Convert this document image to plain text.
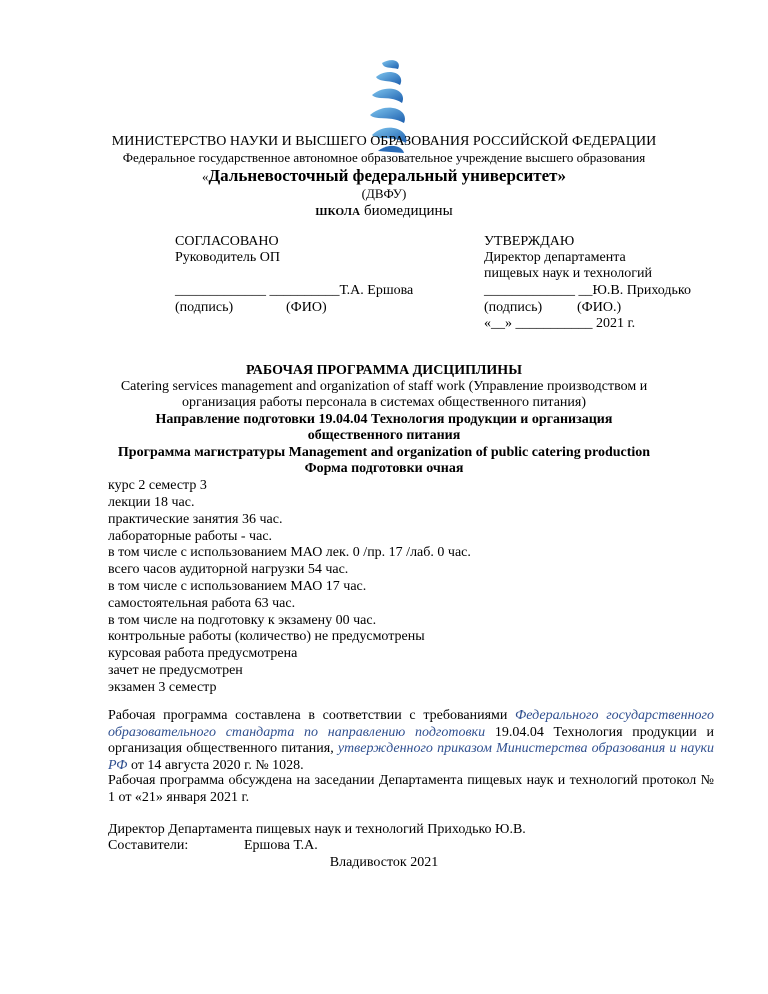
МИНИСТЕРСТВО НАУКИ И ВЫСШЕГО ОБРАЗОВАНИЯ РОССИЙСКОЙ ФЕДЕРАЦИИ
Федеральное государственное автономное образовательное учреждение высшего образования
«Дальневосточный федеральный университет»
(ДВФУ)
ШКОЛА биомедицины
СОГЛАСОВАНО
Руководитель ОП
_____________ __________Т.А. Ершова
(подпись)	(ФИО)
УТВЕРЖДАЮ
Директор департамента
пищевых наук и технологий
_____________ __Ю.В. Приходько
(подпись) (ФИО.)
«__» ___________ 2021 г.
РАБОЧАЯ ПРОГРАММА ДИСЦИПЛИНЫ
Catering services management and organization of staff work (Управление производством и
организация работы персонала в системах общественного питания)
Направление подготовки 19.04.04 Технология продукции и организация
общественного питания
Программа магистратуры Management and organization of public catering production
Форма подготовки очная
курс 2 семестр 3
лекции 18 час.
практические занятия 36 час.
лабораторные работы - час.
в том числе с использованием МАО лек. 0 /пр. 17 /лаб. 0 час.
всего часов аудиторной нагрузки 54 час.
в том числе с использованием МАО 17 час.
самостоятельная работа 63 час.
в том числе на подготовку к экзамену 00 час.
контрольные работы (количество) не предусмотрены
курсовая работа предусмотрена
зачет не предусмотрен
экзамен 3 семестр
Рабочая программа составлена в соответствии с требованиями Федерального государственного образовательного стандарта по направлению подготовки 19.04.04 Технология продукции и организация общественного питания, утвержденного приказом Министерства образования и науки РФ от 14 августа 2020 г. № 1028.
Рабочая программа обсуждена на заседании Департамента пищевых наук и технологий протокол № 1 от «21» января 2021 г.
Директор Департамента пищевых наук и технологий Приходько Ю.В.
Составители:	Ершова Т.А.
Владивосток 2021
